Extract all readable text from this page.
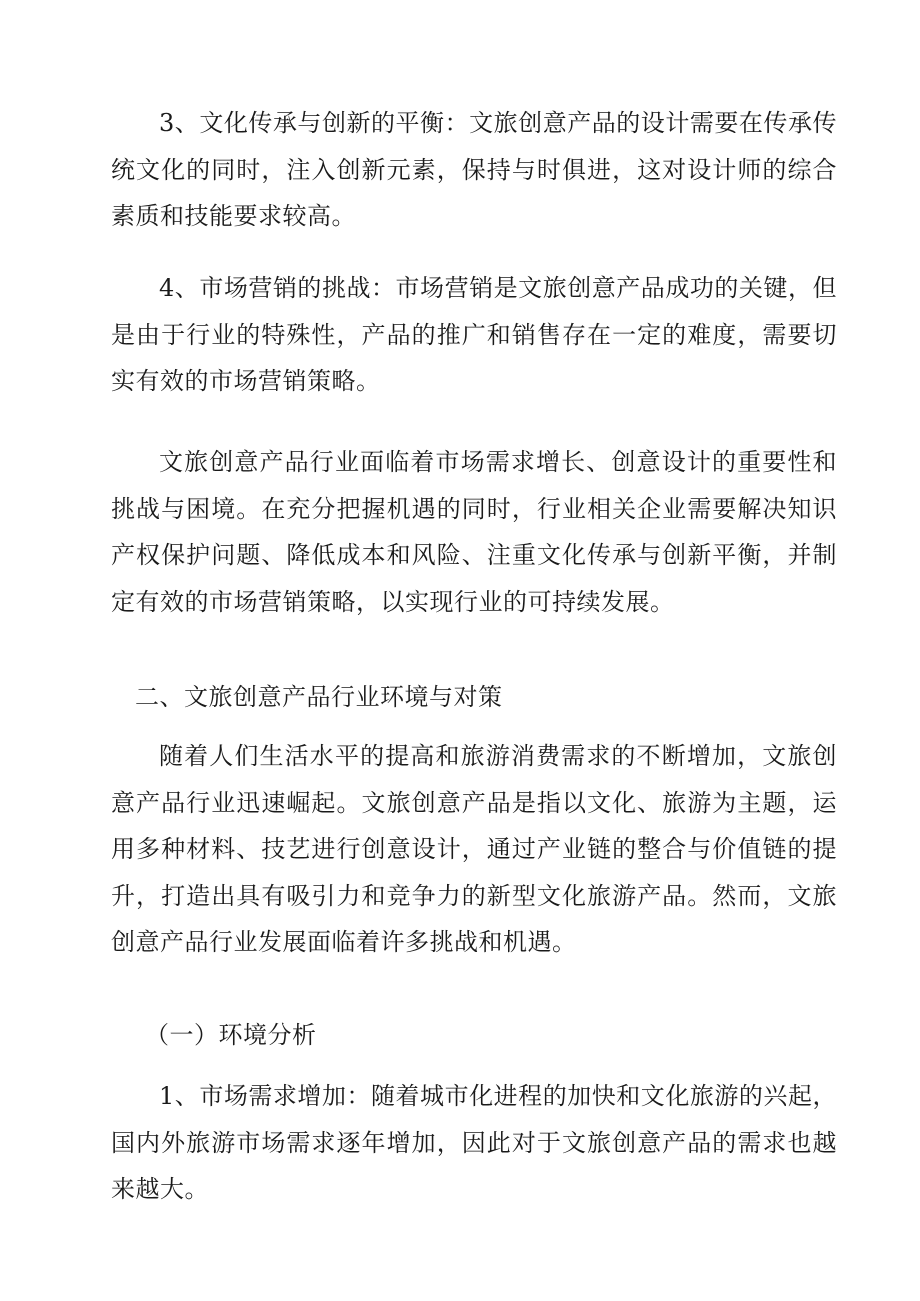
3、文化传承与创新的平衡：文旅创意产品的设计需要在传承传统文化的同时，注入创新元素，保持与时俱进，这对设计师的综合素质和技能要求较高。

4、市场营销的挑战：市场营销是文旅创意产品成功的关键，但是由于行业的特殊性，产品的推广和销售存在一定的难度，需要切实有效的市场营销策略。

文旅创意产品行业面临着市场需求增长、创意设计的重要性和挑战与困境。在充分把握机遇的同时，行业相关企业需要解决知识产权保护问题、降低成本和风险、注重文化传承与创新平衡，并制定有效的市场营销策略，以实现行业的可持续发展。

二、文旅创意产品行业环境与对策

随着人们生活水平的提高和旅游消费需求的不断增加，文旅创意产品行业迅速崛起。文旅创意产品是指以文化、旅游为主题，运用多种材料、技艺进行创意设计，通过产业链的整合与价值链的提升，打造出具有吸引力和竞争力的新型文化旅游产品。然而，文旅创意产品行业发展面临着许多挑战和机遇。

（一）环境分析

1、市场需求增加：随着城市化进程的加快和文化旅游的兴起，国内外旅游市场需求逐年增加，因此对于文旅创意产品的需求也越来越大。
